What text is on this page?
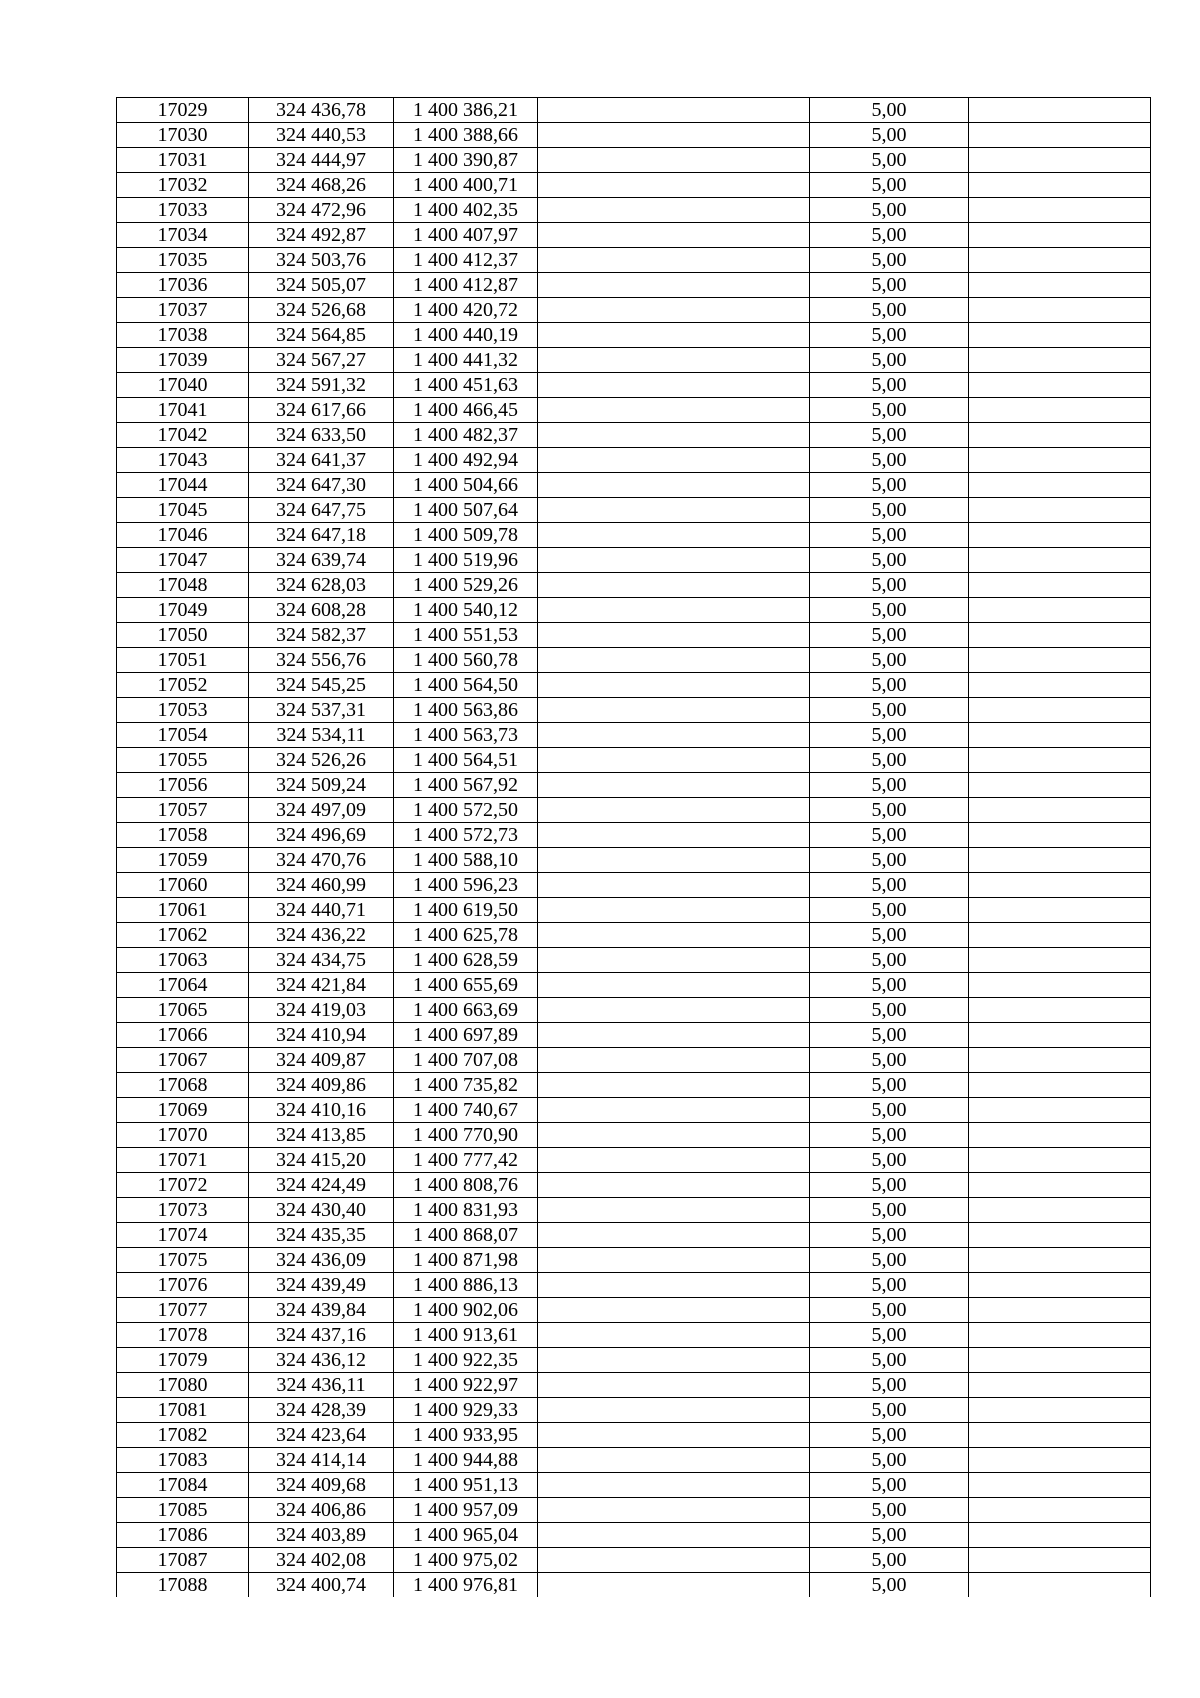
17029	324 436,78	1 400 386,21		5,00	
17030	324 440,53	1 400 388,66		5,00	
17031	324 444,97	1 400 390,87		5,00	
17032	324 468,26	1 400 400,71		5,00	
17033	324 472,96	1 400 402,35		5,00	
17034	324 492,87	1 400 407,97		5,00	
17035	324 503,76	1 400 412,37		5,00	
17036	324 505,07	1 400 412,87		5,00	
17037	324 526,68	1 400 420,72		5,00	
17038	324 564,85	1 400 440,19		5,00	
17039	324 567,27	1 400 441,32		5,00	
17040	324 591,32	1 400 451,63		5,00	
17041	324 617,66	1 400 466,45		5,00	
17042	324 633,50	1 400 482,37		5,00	
17043	324 641,37	1 400 492,94		5,00	
17044	324 647,30	1 400 504,66		5,00	
17045	324 647,75	1 400 507,64		5,00	
17046	324 647,18	1 400 509,78		5,00	
17047	324 639,74	1 400 519,96		5,00	
17048	324 628,03	1 400 529,26		5,00	
17049	324 608,28	1 400 540,12		5,00	
17050	324 582,37	1 400 551,53		5,00	
17051	324 556,76	1 400 560,78		5,00	
17052	324 545,25	1 400 564,50		5,00	
17053	324 537,31	1 400 563,86		5,00	
17054	324 534,11	1 400 563,73		5,00	
17055	324 526,26	1 400 564,51		5,00	
17056	324 509,24	1 400 567,92		5,00	
17057	324 497,09	1 400 572,50		5,00	
17058	324 496,69	1 400 572,73		5,00	
17059	324 470,76	1 400 588,10		5,00	
17060	324 460,99	1 400 596,23		5,00	
17061	324 440,71	1 400 619,50		5,00	
17062	324 436,22	1 400 625,78		5,00	
17063	324 434,75	1 400 628,59		5,00	
17064	324 421,84	1 400 655,69		5,00	
17065	324 419,03	1 400 663,69		5,00	
17066	324 410,94	1 400 697,89		5,00	
17067	324 409,87	1 400 707,08		5,00	
17068	324 409,86	1 400 735,82		5,00	
17069	324 410,16	1 400 740,67		5,00	
17070	324 413,85	1 400 770,90		5,00	
17071	324 415,20	1 400 777,42		5,00	
17072	324 424,49	1 400 808,76		5,00	
17073	324 430,40	1 400 831,93		5,00	
17074	324 435,35	1 400 868,07		5,00	
17075	324 436,09	1 400 871,98		5,00	
17076	324 439,49	1 400 886,13		5,00	
17077	324 439,84	1 400 902,06		5,00	
17078	324 437,16	1 400 913,61		5,00	
17079	324 436,12	1 400 922,35		5,00	
17080	324 436,11	1 400 922,97		5,00	
17081	324 428,39	1 400 929,33		5,00	
17082	324 423,64	1 400 933,95		5,00	
17083	324 414,14	1 400 944,88		5,00	
17084	324 409,68	1 400 951,13		5,00	
17085	324 406,86	1 400 957,09		5,00	
17086	324 403,89	1 400 965,04		5,00	
17087	324 402,08	1 400 975,02		5,00	
17088	324 400,74	1 400 976,81		5,00	
